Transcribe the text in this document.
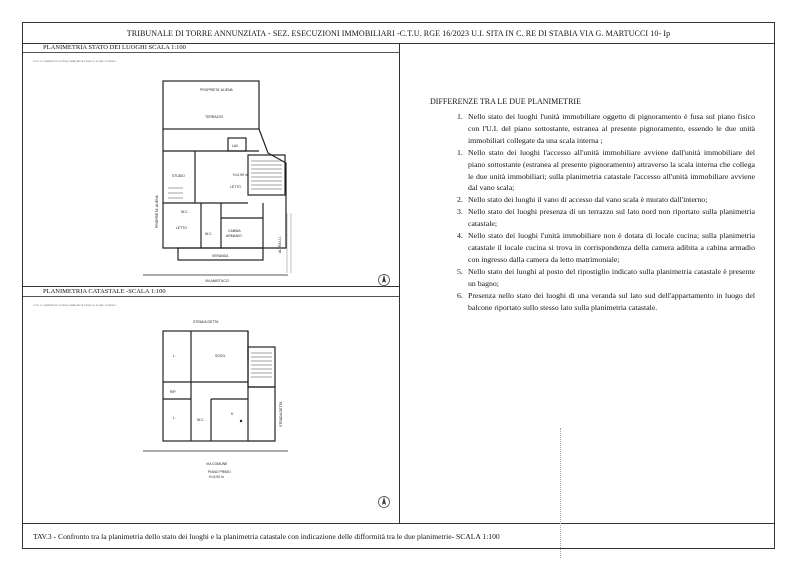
TRIBUNALE DI TORRE ANNUNZIATA - SEZ. ESECUZIONI IMMOBILIARI -C.T.U. RGE 16/2023 U.I. SITA IN C. RE DI STABIA VIA G. MARTUCCI 10- Ip
PLANIMETRIA STATO DEI LUOGHI SCALA 1:100
C.T.U. E. COMUNE DI CASTELLAMMARE DI STABIA F. 4 PART. 578 SUB 8
PROPRIETA' ALIENA
TERRAZZO
LAV.
STUDIO	H=2,90 m
LETTO
W.C.
CABINA
ARMADIO
LETTO
W.C.
VERANDA
VIA MARTUCCI
PROPRIETA' ALIENA
ALTRA U.I.
PLANIMETRIA CATASTALE -SCALA 1:100
C.T.U. E. COMUNE DI CASTELLAMMARE DI STABIA F. 4 PART. 578 SUB 8
STRADA DETTA
L.	SOGG.
RIP.
L.	W.C.
K.	STRADA DETTA
VIA COMUNE
PIANO PRIMO
H=3,00 m
TAV.3 - Confronto tra la planimetria dello stato dei luoghi e la planimetria catastale con indicazione delle difformità tra le due planimetrie- SCALA 1:100
DIFFERENZE TRA LE DUE PLANIMETRIE
1. Nello stato dei luoghi l'unità immobiliare oggetto di pignoramento è fusa sul piano fisico con l'U.I. del piano sottostante, estranea al presente pignoramento, essendo le due unità immobiliari collegate da una scala interna ;
1. Nello stato dei luoghi l'accesso all'unità immobiliare avviene dall'unità immobiliare del piano sottostante (estranea al presente pignoramento) attraverso la scala interna che collega le due unità immobiliari; sulla planimetria catastale l'accesso all'unità immobiliare avviene dal vano scala;
2. Nello stato dei luoghi il vano di accesso dal vano scala è murato dall'interno;
3. Nello stato dei luoghi presenza di un terrazzo sul lato nord non riportato sulla planimetria catastale;
4. Nello stato dei luoghi l'unità immobiliare non è dotata di locale cucina; sulla planimetria catastale il locale cucina si trova in corrispondenza della camera adibita a cabina armadio con ingresso dalla camera da letto matrimoniale;
5. Nello stato dei luoghi al posto del ripostiglio indicato sulla planimetria catastale è presente un bagno;
6. Presenza nello stato dei luoghi di una veranda sul lato sud dell'appartamento in luogo del balcone riportato sullo stesso lato sulla planimetria catastale.
